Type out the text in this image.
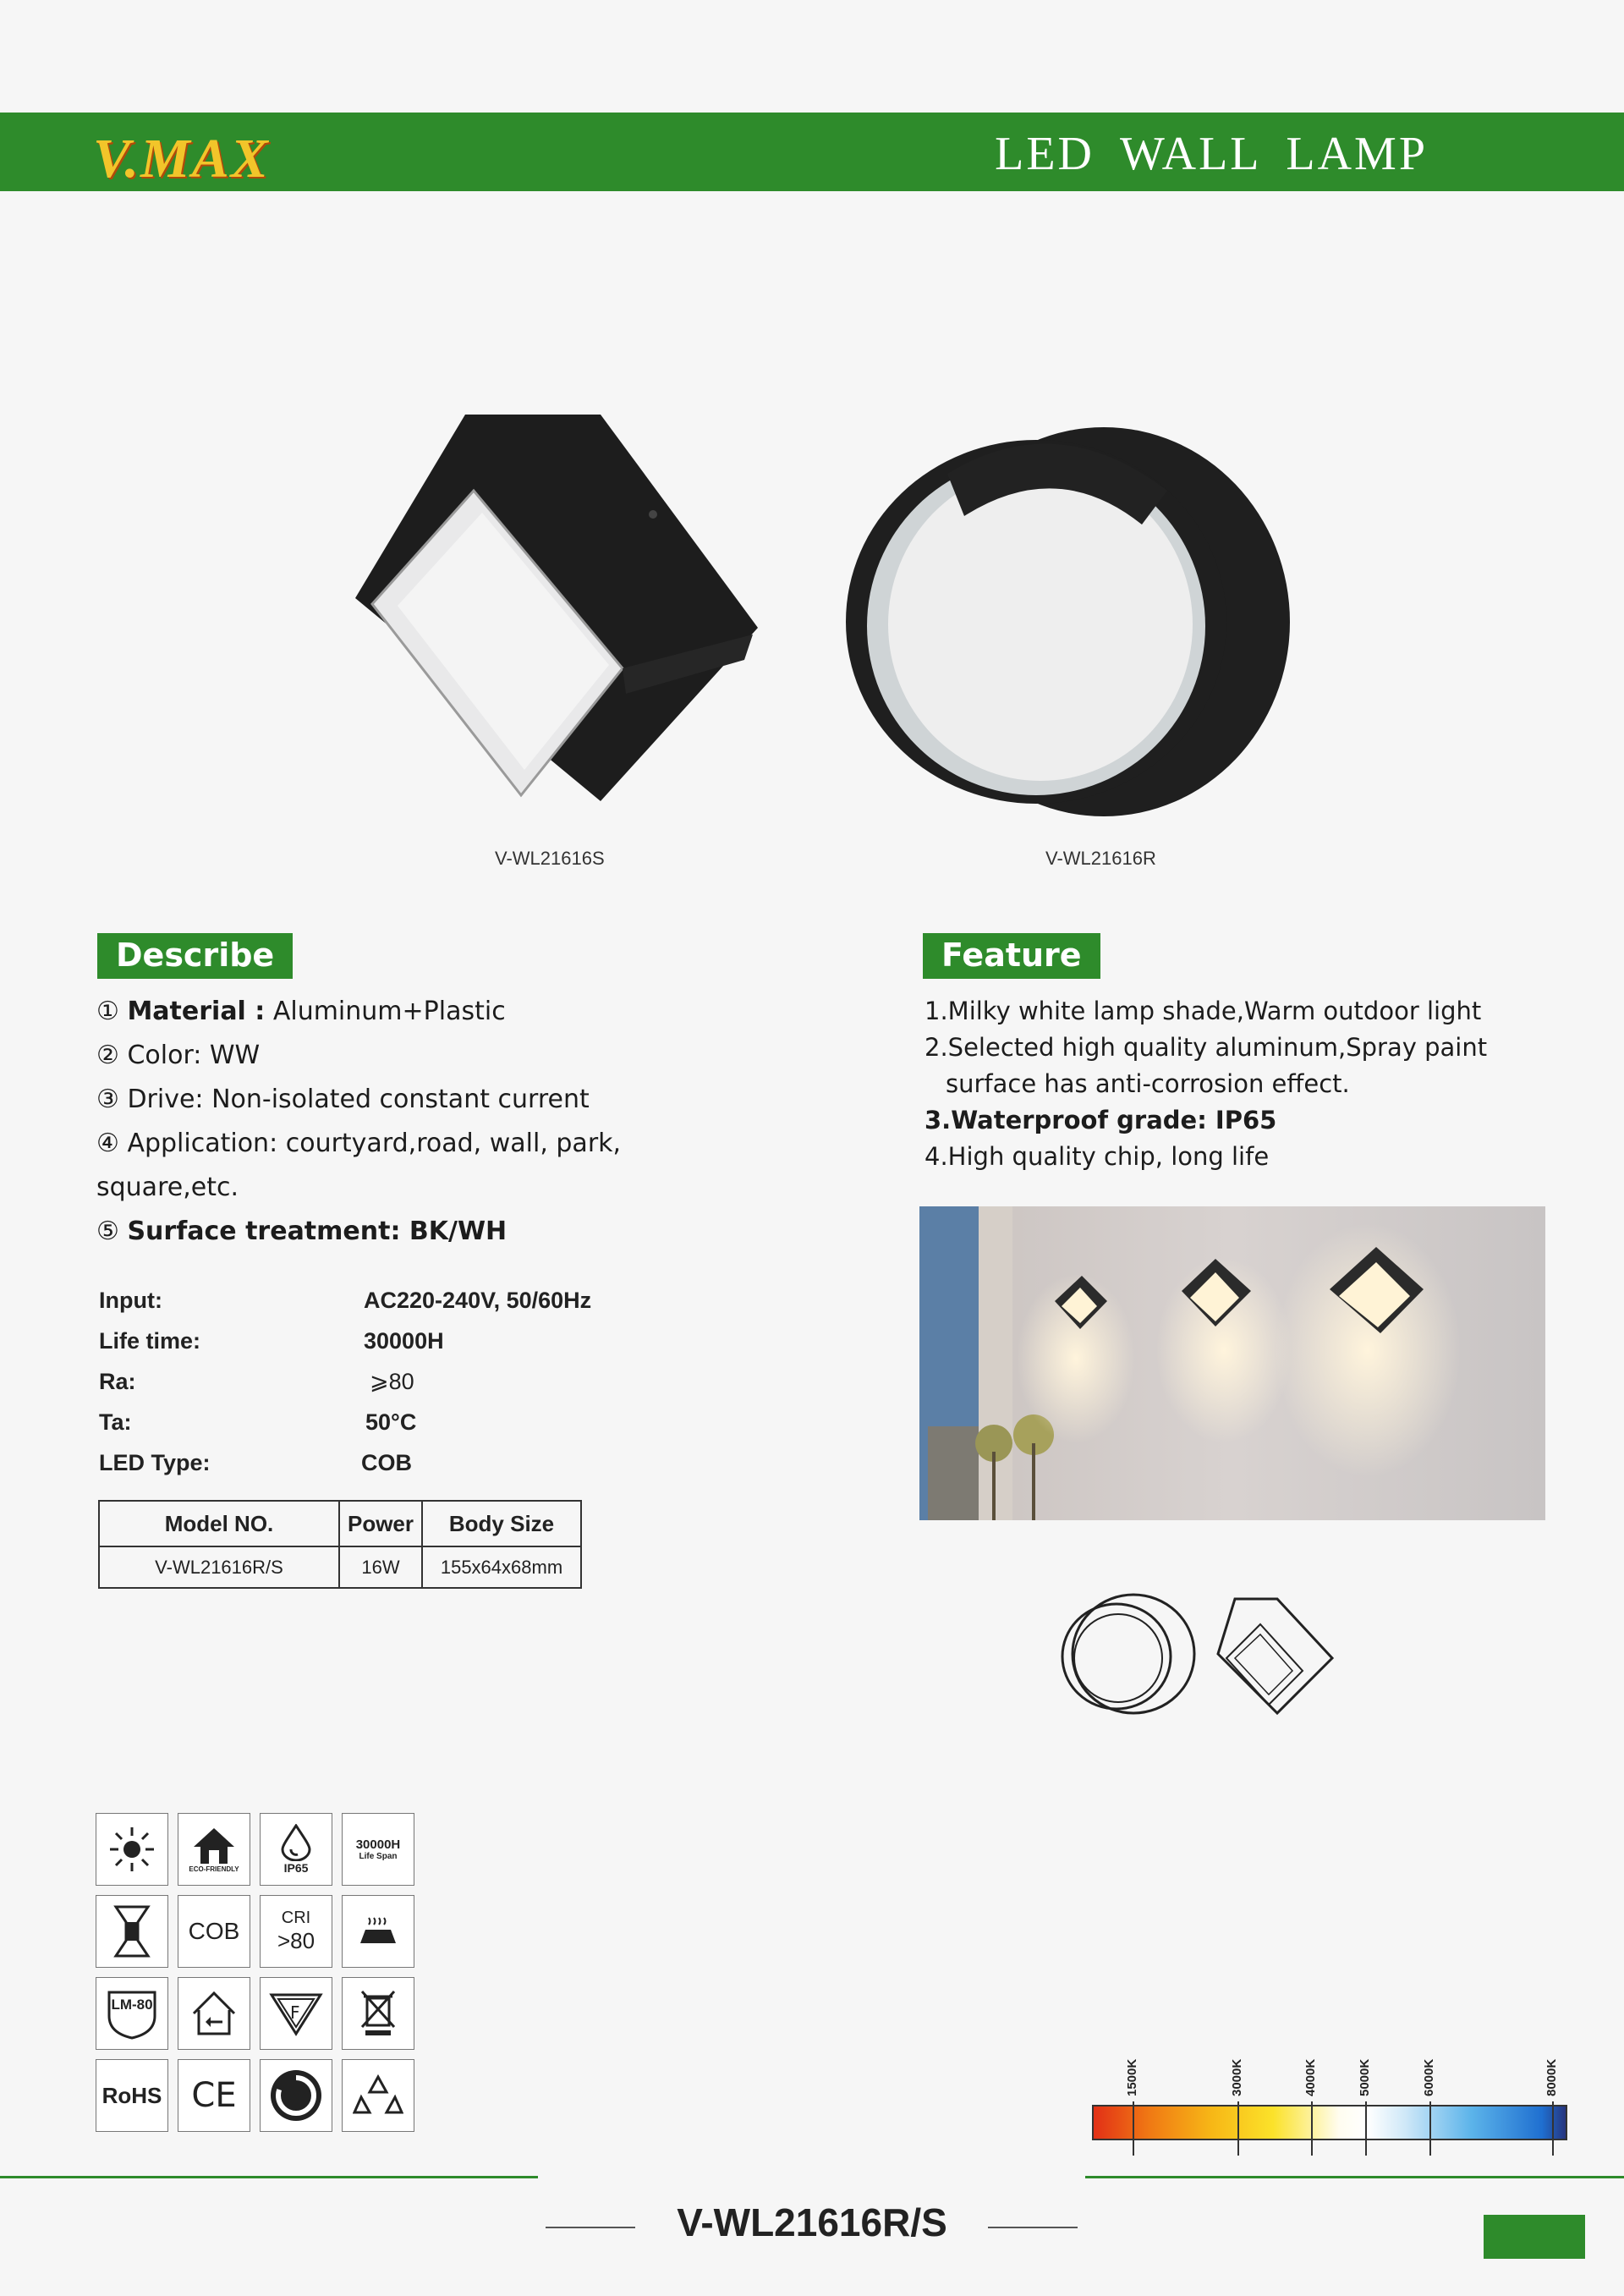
V.MAX	LED WALL LAMP
V-WL21616S	V-WL21616R
Describe
① Material : Aluminum+Plastic
② Color: WW
③ Drive: Non-isolated constant current
④ Application: courtyard,road, wall, park,
square,etc.
⑤ Surface treatment: BK/WH
Input:	AC220-240V, 50/60Hz
Life time:	30000H
Ra:	⩾80
Ta:	50°C
LED Type:	COB
Model NO.	Power	Body Size
V-WL21616R/S	16W	155x64x68mm
Feature
1.Milky white lamp shade,Warm outdoor light
2.Selected high quality aluminum,Spray paint
surface has anti-corrosion effect.
3.Waterproof grade: IP65
4.High quality chip, long life
ECO-FRIENDLY	IP65
30000H
Life Span
COB CRI
>80
LM-80	F
RoHS CE	1500K	3000K	4000K	5000K	6000K	8000K
V-WL21616R/S
